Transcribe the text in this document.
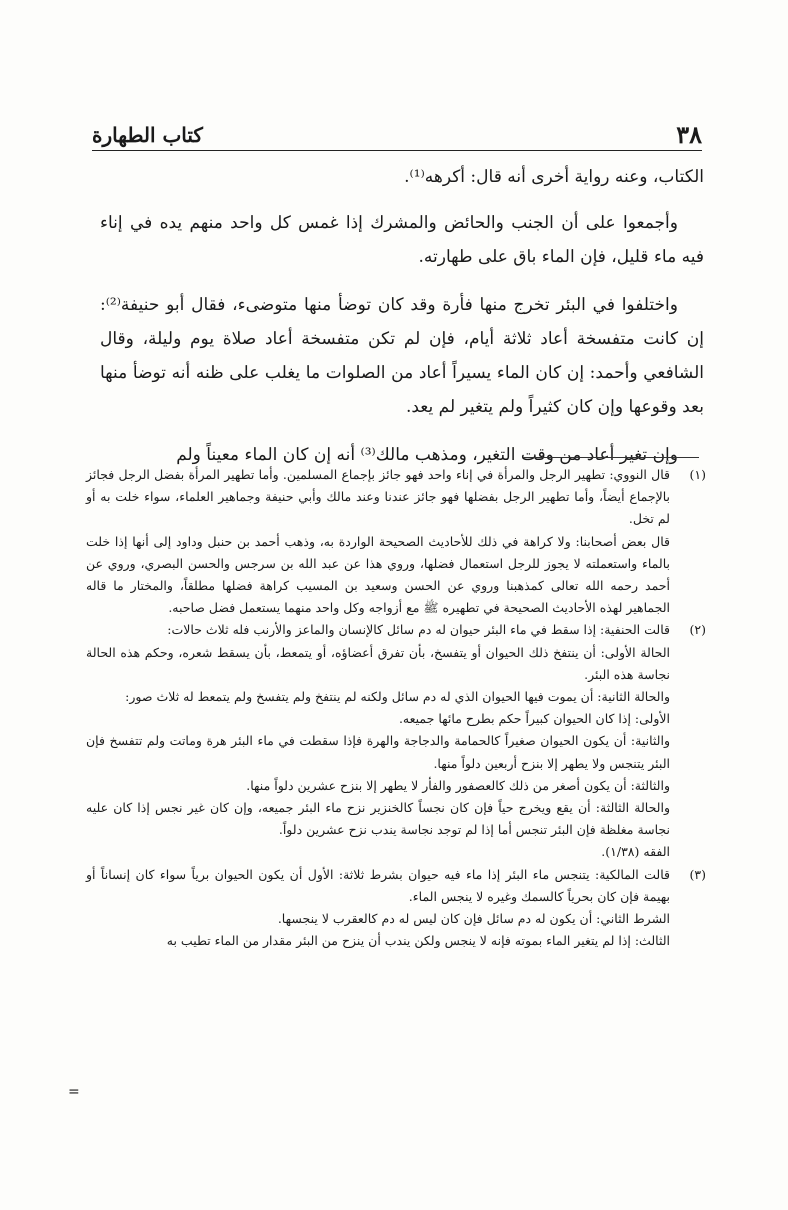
٣٨
كتاب الطهارة

الكتاب، وعنه رواية أخرى أنه قال: أكرهه⁽¹⁾.

وأجمعوا على أن الجنب والحائض والمشرك إذا غمس كل واحد منهم يده في إناء فيه ماء قليل، فإن الماء باق على طهارته.

واختلفوا في البئر تخرج منها فأرة وقد كان توضأ منها متوضىء، فقال أبو حنيفة⁽²⁾: إن كانت متفسخة أعاد ثلاثة أيام، فإن لم تكن متفسخة أعاد صلاة يوم وليلة، وقال الشافعي وأحمد: إن كان الماء يسيراً أعاد من الصلوات ما يغلب على ظنه أنه توضأ منها بعد وقوعها وإن كان كثيراً ولم يتغير لم يعد.

وإن تغير أعاد من وقت التغير، ومذهب مالك⁽³⁾ أنه إن كان الماء معيناً ولم

(١)
قال النووي: تطهير الرجل والمرأة في إناء واحد فهو جائز بإجماع المسلمين. وأما تطهير المرأة بفضل الرجل فجائز بالإجماع أيضاً، وأما تطهير الرجل بفضلها فهو جائز عندنا وعند مالك وأبي حنيفة وجماهير العلماء، سواء خلت به أو لم تخل.
قال بعض أصحابنا: ولا كراهة في ذلك للأحاديث الصحيحة الواردة به، وذهب أحمد بن حنبل وداود إلى أنها إذا خلت بالماء واستعملته لا يجوز للرجل استعمال فضلها، وروي هذا عن عبد الله بن سرجس والحسن البصري، وروي عن أحمد رحمه الله تعالى كمذهبنا وروي عن الحسن وسعيد بن المسيب كراهة فضلها مطلقاً، والمختار ما قاله الجماهير لهذه الأحاديث الصحيحة في تطهيره ﷺ مع أزواجه وكل واحد منهما يستعمل فضل صاحبه.
(٢)
قالت الحنفية: إذا سقط في ماء البئر حيوان له دم سائل كالإنسان والماعز والأرنب فله ثلاث حالات:
الحالة الأولى: أن ينتفخ ذلك الحيوان أو يتفسخ، بأن تفرق أعضاؤه، أو يتمعط، بأن يسقط شعره، وحكم هذه الحالة نجاسة هذه البئر.
والحالة الثانية: أن يموت فيها الحيوان الذي له دم سائل ولكنه لم ينتفخ ولم يتفسخ ولم يتمعط له ثلاث صور:
الأولى: إذا كان الحيوان كبيراً حكم بطرح مائها جميعه.
والثانية: أن يكون الحيوان صغيراً كالحمامة والدجاجة والهرة فإذا سقطت في ماء البئر هرة وماتت ولم تتفسخ فإن البئر يتنجس ولا يطهر إلا بنزح أربعين دلواً منها.
والثالثة: أن يكون أصغر من ذلك كالعصفور والفأر لا يطهر إلا بنزح عشرين دلواً منها.
والحالة الثالثة: أن يقع ويخرج حياً فإن كان نجساً كالخنزير نزح ماء البئر جميعه، وإن كان غير نجس إذا كان عليه نجاسة مغلظة فإن البئر تنجس أما إذا لم توجد نجاسة يندب نزح عشرين دلواً.
الفقه (١/٣٨).
(٣)
قالت المالكية: يتنجس ماء البئر إذا ماء فيه حيوان بشرط ثلاثة: الأول أن يكون الحيوان برياً سواء كان إنساناً أو بهيمة فإن كان بحرياً كالسمك وغيره لا ينجس الماء.
الشرط الثاني: أن يكون له دم سائل فإن كان ليس له دم كالعقرب لا ينجسها.
الثالث: إذا لم يتغير الماء بموته فإنه لا ينجس ولكن يندب أن ينزح من البئر مقدار من الماء تطيب به
=
